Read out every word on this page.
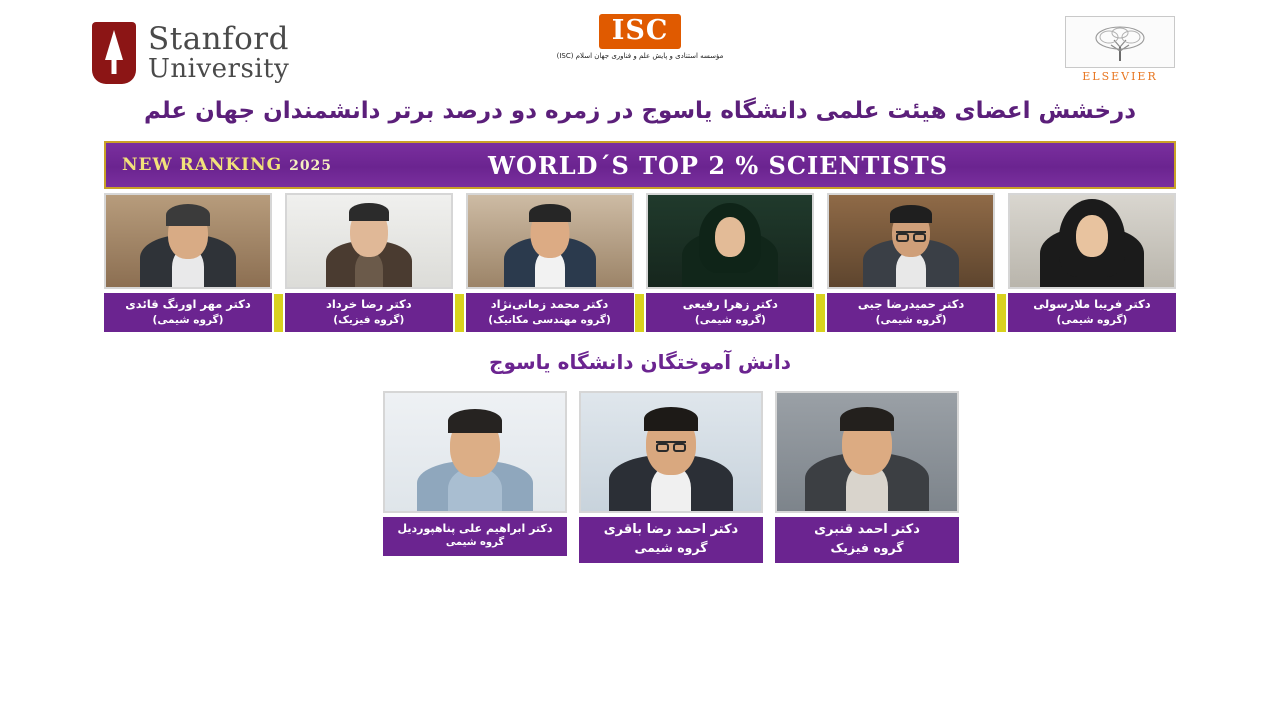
Stanford
University
ISC
مؤسسه استنادی و پایش علم و فناوری جهان اسلام (ISC)
ELSEVIER
درخشش اعضای هیئت علمی دانشگاه یاسوج در زمره دو درصد برتر دانشمندان جهان علم
NEW RANKING 2025	WORLD´S TOP 2 % SCIENTISTS
دکتر مهر اورنگ قائدی
(گروه شیمی)
دکتر رضا خرداد
(گروه فیزیک)
دکتر محمد زمانی‌نژاد
(گروه مهندسی مکانیک)
دکتر زهرا رفیعی
(گروه شیمی)
دکتر حمیدرضا جبی
(گروه شیمی)
دکتر فریبا ملارسولی
(گروه شیمی)
دانش آموختگان دانشگاه یاسوج
دکتر ابراهیم علی پناهپوردیل
گروه شیمی
دکتر احمد رضا باقری
گروه شیمی
دکتر احمد قنبری
گروه فیزیک
